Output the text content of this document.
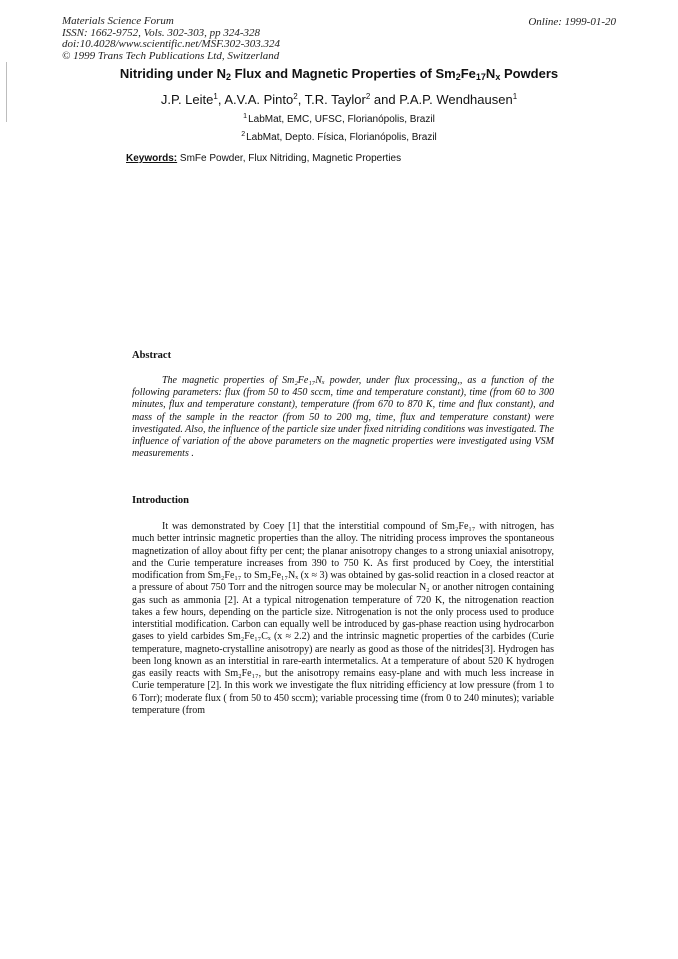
Materials Science Forum
ISSN: 1662-9752, Vols. 302-303, pp 324-328
doi:10.4028/www.scientific.net/MSF.302-303.324
© 1999 Trans Tech Publications Ltd, Switzerland
Online: 1999-01-20
Nitriding under $N_2$ Flux and Magnetic Properties of $Sm_2Fe_{17}N_x$ Powders
J.P. Leite$^1$, A.V.A. Pinto$^2$, T.R. Taylor$^2$ and P.A.P. Wendhausen$^1$
$^1$LabMat, EMC, UFSC, Florianópolis, Brazil
$^2$LabMat, Depto. Física, Florianópolis, Brazil
Keywords: SmFe Powder, Flux Nitriding, Magnetic Properties
Abstract

The magnetic properties of Sm₂Fe₁₇Nₓ powder, under flux processing,, as a function of the following parameters: flux (from 50 to 450 sccm, time and temperature constant), time (from 60 to 300 minutes, flux and temperature constant), temperature (from 670 to 870 K, time and flux constant), and mass of the sample in the reactor (from 50 to 200 mg, time, flux and temperature constant) were investigated. Also, the influence of the particle size under fixed nitriding conditions was investigated. The influence of variation of the above parameters on the magnetic properties were investigated using VSM measurements .

Introduction

It was demonstrated by Coey [1] that the interstitial compound of Sm₂Fe₁₇ with nitrogen, has much better intrinsic magnetic properties than the alloy. The nitriding process improves the spontaneous magnetization of alloy about fifty per cent; the planar anisotropy changes to a strong uniaxial anisotropy, and the Curie temperature increases from 390 to 750 K. As first produced by Coey, the interstitial modification from Sm₂Fe₁₇ to Sm₂Fe₁₇Nₓ (x ≈ 3) was obtained by gas-solid reaction in a closed reactor at a pressure of about 750 Torr and the nitrogen source may be molecular N₂ or another nitrogen containing gas such as ammonia [2]. At a typical nitrogenation temperature of 720 K, the nitrogenation reaction takes a few hours, depending on the particle size. Nitrogenation is not the only process used to produce interstitial modification. Carbon can equally well be introduced by gas-phase reaction using hydrocarbon gases to yield carbides Sm₂Fe₁₇Cₓ (x ≈ 2.2) and the intrinsic magnetic properties of the carbides (Curie temperature, magneto-crystalline anisotropy) are nearly as good as those of the nitrides[3]. Hydrogen has been long known as an interstitial in rare-earth intermetalics. At a temperature of about 520 K hydrogen gas easily reacts with Sm₂Fe₁₇, but the anisotropy remains easy-plane and with much less increase in Curie temperature [2]. In this work we investigate the flux nitriding efficiency at low pressure (from 1 to 6 Torr); moderate flux ( from 50 to 450 sccm); variable processing time (from 0 to 240 minutes); variable temperature (from
